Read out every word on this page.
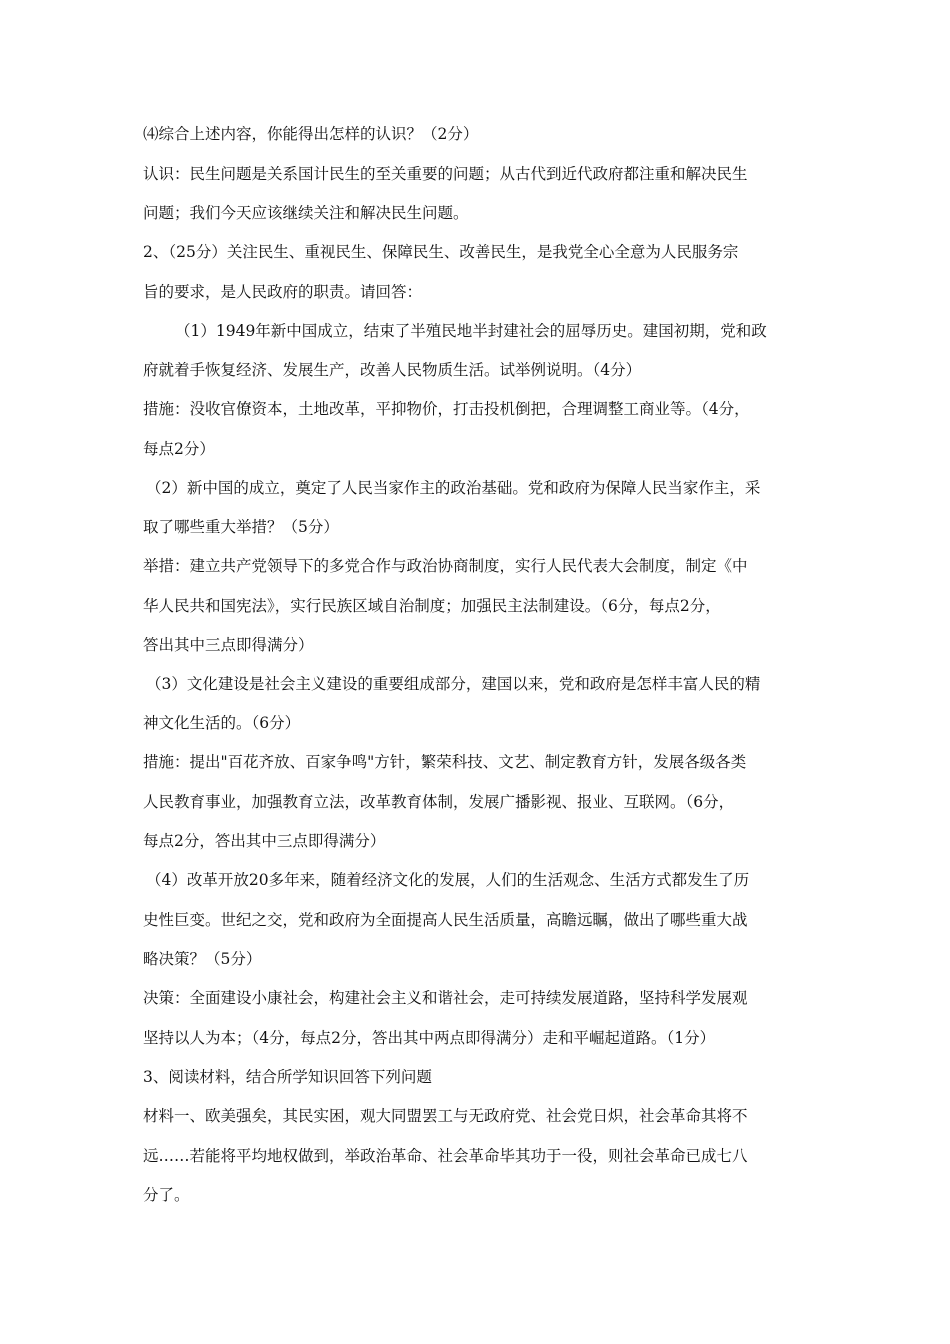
⑷综合上述内容，你能得出怎样的认识？（2分）

认识：民生问题是关系国计民生的至关重要的问题；从古代到近代政府都注重和解决民生

问题；我们今天应该继续关注和解决民生问题。

2、（25分）关注民生、重视民生、保障民生、改善民生，是我党全心全意为人民服务宗

旨的要求，是人民政府的职责。请回答：

（1）1949年新中国成立，结束了半殖民地半封建社会的屈辱历史。建国初期，党和政

府就着手恢复经济、发展生产，改善人民物质生活。试举例说明。（4分）

措施：没收官僚资本，土地改革，平抑物价，打击投机倒把，合理调整工商业等。（4分，

每点2分）

（2）新中国的成立，奠定了人民当家作主的政治基础。党和政府为保障人民当家作主，采

取了哪些重大举措？（5分）

举措：建立共产党领导下的多党合作与政治协商制度，实行人民代表大会制度，制定《中

华人民共和国宪法》，实行民族区域自治制度；加强民主法制建设。（6分，每点2分，

答出其中三点即得满分）

（3）文化建设是社会主义建设的重要组成部分，建国以来，党和政府是怎样丰富人民的精

神文化生活的。（6分）

措施：提出"百花齐放、百家争鸣"方针，繁荣科技、文艺、制定教育方针，发展各级各类

人民教育事业，加强教育立法，改革教育体制，发展广播影视、报业、互联网。（6分，

每点2分，答出其中三点即得满分）

（4）改革开放20多年来，随着经济文化的发展，人们的生活观念、生活方式都发生了历

史性巨变。世纪之交，党和政府为全面提高人民生活质量，高瞻远瞩，做出了哪些重大战

略决策？（5分）

决策：全面建设小康社会，构建社会主义和谐社会，走可持续发展道路，坚持科学发展观

坚持以人为本；（4分，每点2分，答出其中两点即得满分）走和平崛起道路。（1分）

3、阅读材料，结合所学知识回答下列问题

材料一、欧美强矣，其民实困，观大同盟罢工与无政府党、社会党日炽，社会革命其将不

远……若能将平均地权做到，举政治革命、社会革命毕其功于一役，则社会革命已成七八

分了。
